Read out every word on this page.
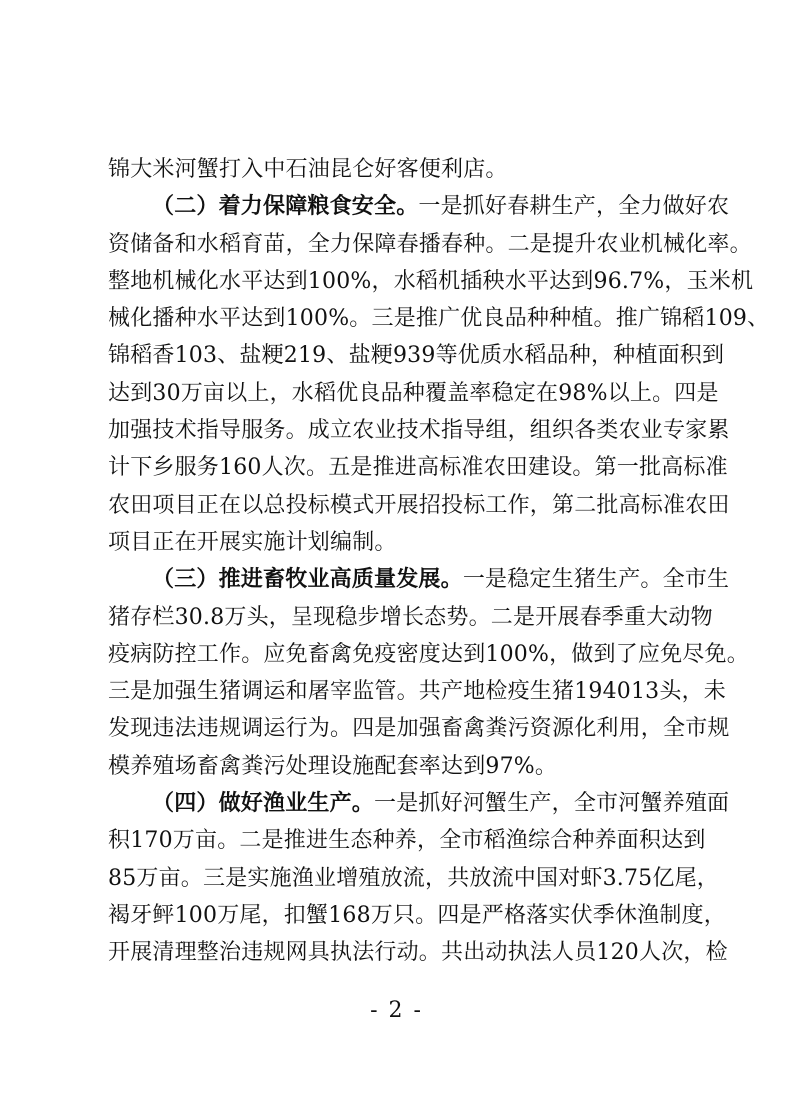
锦大米河蟹打入中石油昆仑好客便利店。
（二）着力保障粮食安全。一是抓好春耕生产，全力做好农
资储备和水稻育苗，全力保障春播春种。二是提升农业机械化率。
整地机械化水平达到100%，水稻机插秧水平达到96.7%，玉米机
械化播种水平达到100%。三是推广优良品种种植。推广锦稻109、
锦稻香103、盐粳219、盐粳939等优质水稻品种，种植面积到
达到30万亩以上，水稻优良品种覆盖率稳定在98%以上。四是
加强技术指导服务。成立农业技术指导组，组织各类农业专家累
计下乡服务160人次。五是推进高标准农田建设。第一批高标准
农田项目正在以总投标模式开展招投标工作，第二批高标准农田
项目正在开展实施计划编制。
（三）推进畜牧业高质量发展。一是稳定生猪生产。全市生
猪存栏30.8万头，呈现稳步增长态势。二是开展春季重大动物
疫病防控工作。应免畜禽免疫密度达到100%，做到了应免尽免。
三是加强生猪调运和屠宰监管。共产地检疫生猪194013头，未
发现违法违规调运行为。四是加强畜禽粪污资源化利用，全市规
模养殖场畜禽粪污处理设施配套率达到97%。
（四）做好渔业生产。一是抓好河蟹生产，全市河蟹养殖面
积170万亩。二是推进生态种养，全市稻渔综合种养面积达到
85万亩。三是实施渔业增殖放流，共放流中国对虾3.75亿尾，
褐牙鲆100万尾，扣蟹168万只。四是严格落实伏季休渔制度，
开展清理整治违规网具执法行动。共出动执法人员120人次，检
- 2 -
